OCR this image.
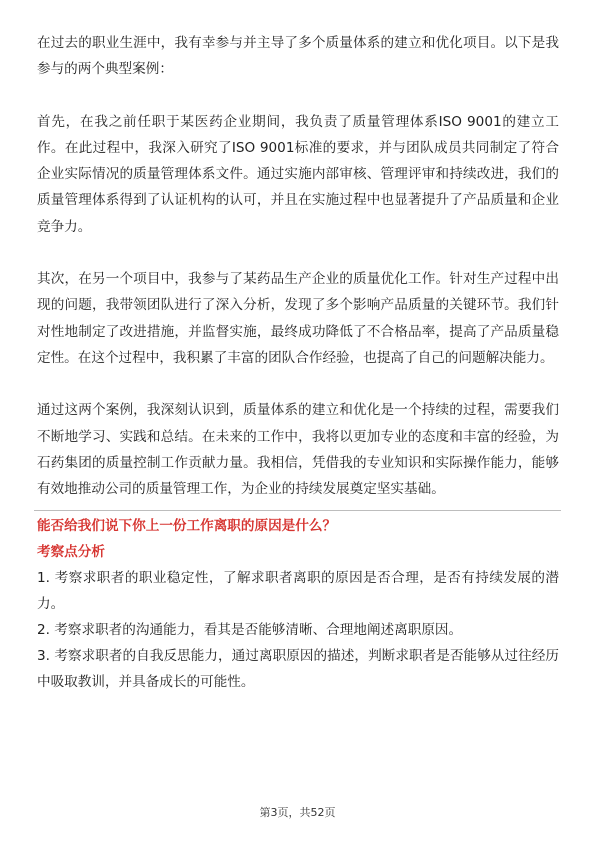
在过去的职业生涯中，我有幸参与并主导了多个质量体系的建立和优化项目。以下是我参与的两个典型案例：

首先，在我之前任职于某医药企业期间，我负责了质量管理体系ISO 9001的建立工作。在此过程中，我深入研究了ISO 9001标准的要求，并与团队成员共同制定了符合企业实际情况的质量管理体系文件。通过实施内部审核、管理评审和持续改进，我们的质量管理体系得到了认证机构的认可，并且在实施过程中也显著提升了产品质量和企业竞争力。

其次，在另一个项目中，我参与了某药品生产企业的质量优化工作。针对生产过程中出现的问题，我带领团队进行了深入分析，发现了多个影响产品质量的关键环节。我们针对性地制定了改进措施，并监督实施，最终成功降低了不合格品率，提高了产品质量稳定性。在这个过程中，我积累了丰富的团队合作经验，也提高了自己的问题解决能力。

通过这两个案例，我深刻认识到，质量体系的建立和优化是一个持续的过程，需要我们不断地学习、实践和总结。在未来的工作中，我将以更加专业的态度和丰富的经验，为石药集团的质量控制工作贡献力量。我相信，凭借我的专业知识和实际操作能力，能够有效地推动公司的质量管理工作，为企业的持续发展奠定坚实基础。

能否给我们说下你上一份工作离职的原因是什么？
考察点分析
1. 考察求职者的职业稳定性，了解求职者离职的原因是否合理，是否有持续发展的潜力。
2. 考察求职者的沟通能力，看其是否能够清晰、合理地阐述离职原因。
3. 考察求职者的自我反思能力，通过离职原因的描述，判断求职者是否能够从过往经历中吸取教训，并具备成长的可能性。
第3页，共52页
